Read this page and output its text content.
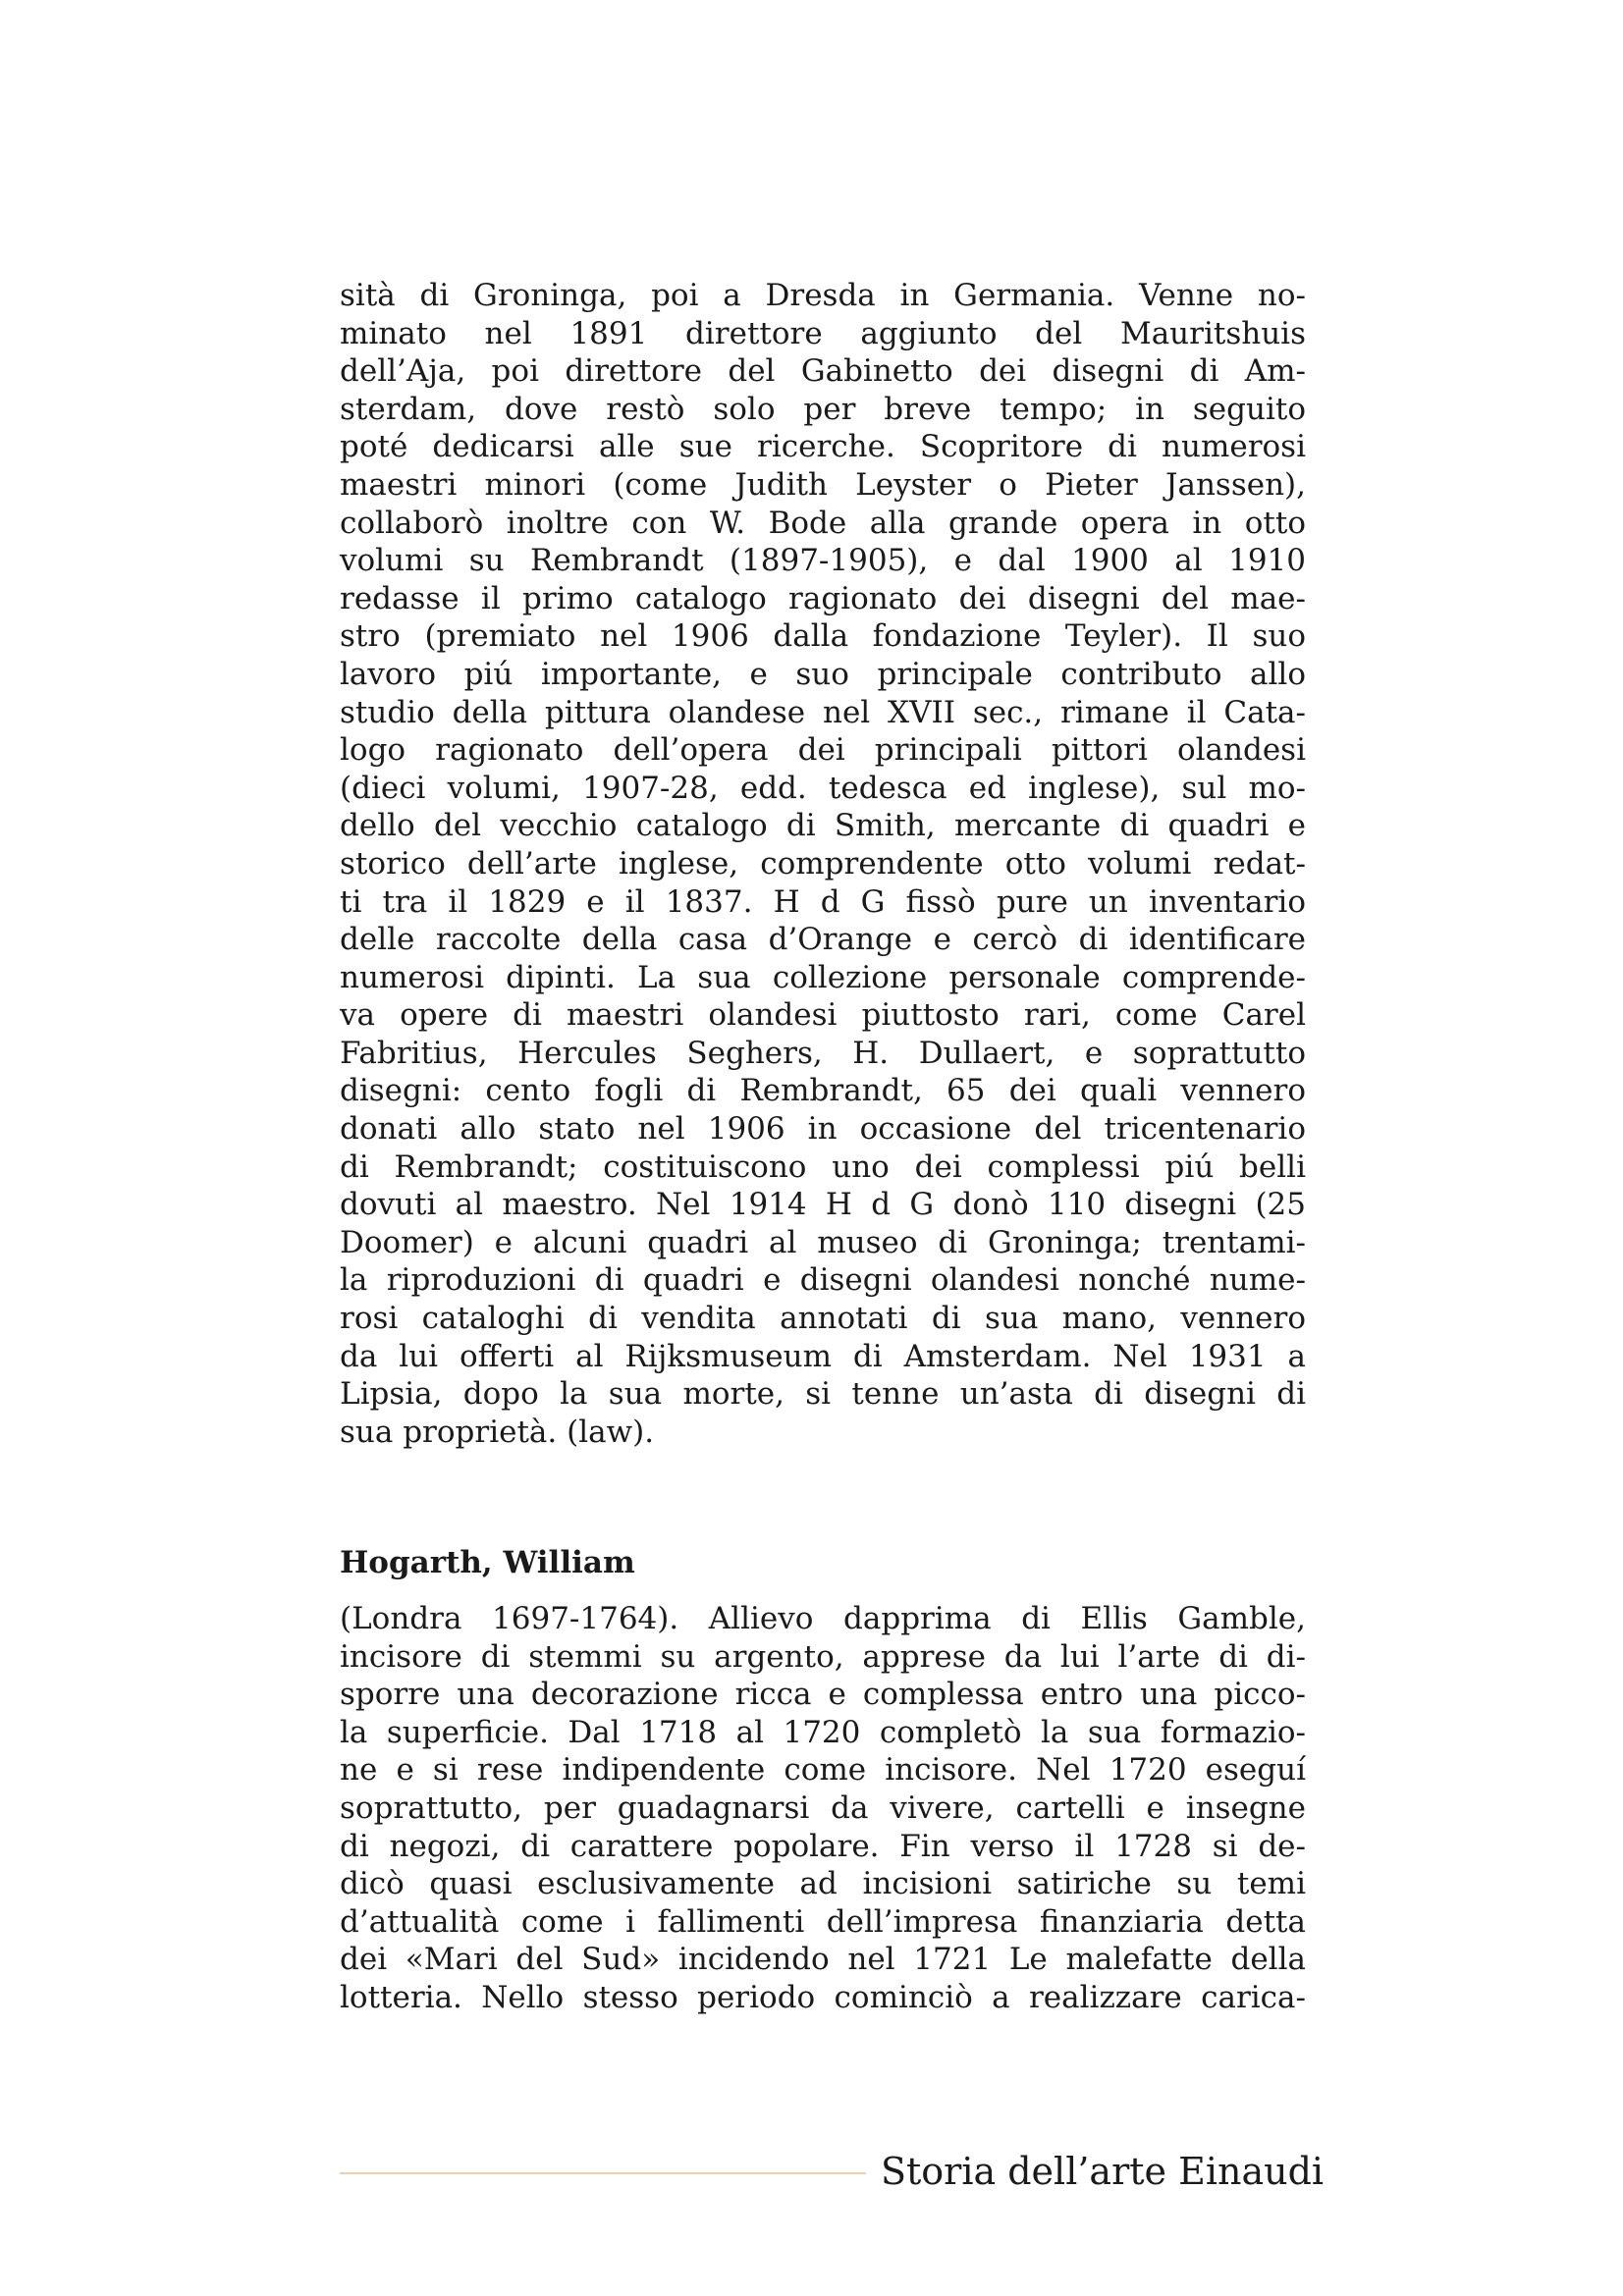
sità di Groninga, poi a Dresda in Germania. Venne no-

minato nel 1891 direttore aggiunto del Mauritshuis

dell’Aja, poi direttore del Gabinetto dei disegni di Am-

sterdam, dove restò solo per breve tempo; in seguito

poté dedicarsi alle sue ricerche. Scopritore di numerosi

maestri minori (come Judith Leyster o Pieter Janssen),

collaborò inoltre con W. Bode alla grande opera in otto

volumi su Rembrandt (1897-1905), e dal 1900 al 1910

redasse il primo catalogo ragionato dei disegni del mae-

stro (premiato nel 1906 dalla fondazione Teyler). Il suo

lavoro piú importante, e suo principale contributo allo

studio della pittura olandese nel XVII sec., rimane il Cata-

logo ragionato dell’opera dei principali pittori olandesi

(dieci volumi, 1907-28, edd. tedesca ed inglese), sul mo-

dello del vecchio catalogo di Smith, mercante di quadri e

storico dell’arte inglese, comprendente otto volumi redat-

ti tra il 1829 e il 1837. H d G fissò pure un inventario

delle raccolte della casa d’Orange e cercò di identificare

numerosi dipinti. La sua collezione personale comprende-

va opere di maestri olandesi piuttosto rari, come Carel

Fabritius, Hercules Seghers, H. Dullaert, e soprattutto

disegni: cento fogli di Rembrandt, 65 dei quali vennero

donati allo stato nel 1906 in occasione del tricentenario

di Rembrandt; costituiscono uno dei complessi piú belli

dovuti al maestro. Nel 1914 H d G donò 110 disegni (25

Doomer) e alcuni quadri al museo di Groninga; trentami-

la riproduzioni di quadri e disegni olandesi nonché nume-

rosi cataloghi di vendita annotati di sua mano, vennero

da lui offerti al Rijksmuseum di Amsterdam. Nel 1931 a

Lipsia, dopo la sua morte, si tenne un’asta di disegni di

sua proprietà. (law).

Hogarth, William

(Londra 1697-1764). Allievo dapprima di Ellis Gamble,

incisore di stemmi su argento, apprese da lui l’arte di di-

sporre una decorazione ricca e complessa entro una picco-

la superficie. Dal 1718 al 1720 completò la sua formazio-

ne e si rese indipendente come incisore. Nel 1720 eseguí

soprattutto, per guadagnarsi da vivere, cartelli e insegne

di negozi, di carattere popolare. Fin verso il 1728 si de-

dicò quasi esclusivamente ad incisioni satiriche su temi

d’attualità come i fallimenti dell’impresa finanziaria detta

dei «Mari del Sud» incidendo nel 1721 Le malefatte della

lotteria. Nello stesso periodo cominciò a realizzare carica-

Storia dell’arte Einaudi
